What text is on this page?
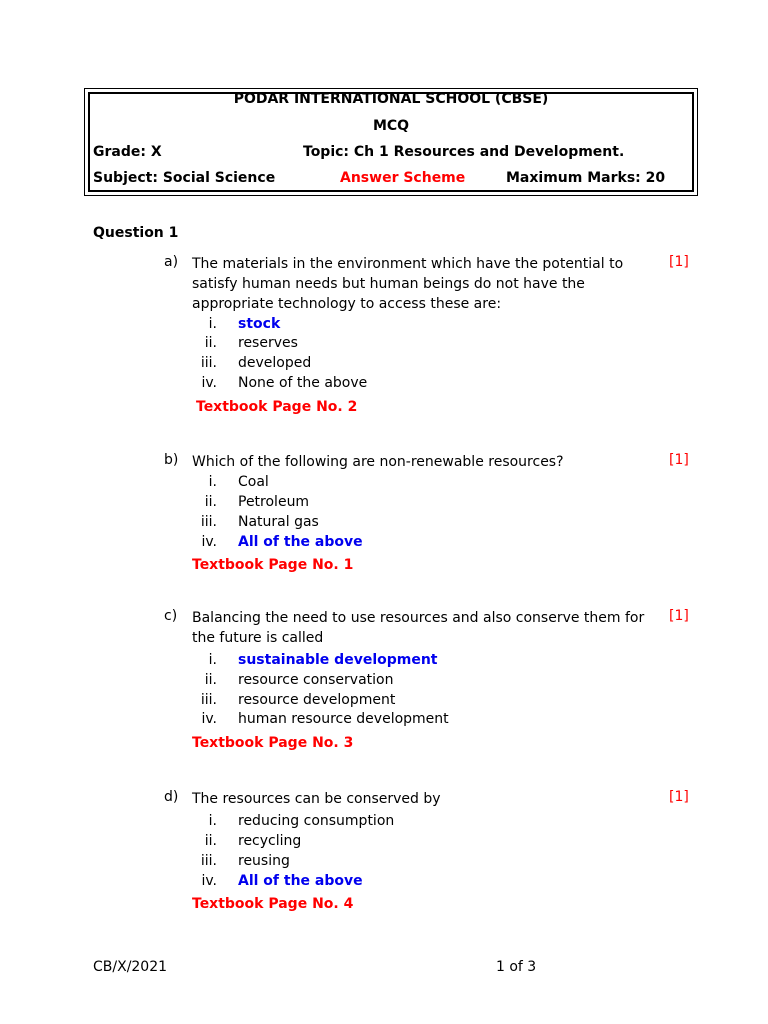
PODAR INTERNATIONAL SCHOOL (CBSE)
MCQ
Grade: X	Topic: Ch 1 Resources and Development.
Subject: Social Science	Answer Scheme	Maximum Marks: 20
Question 1
a) The materials in the environment which have the potential to satisfy human needs but human beings do not have the appropriate technology to access these are:
[1]
i. stock
ii. reserves
iii. developed
iv. None of the above
Textbook Page No. 2
b) Which of the following are non-renewable resources?	[1]
i. Coal
ii. Petroleum
iii. Natural gas
iv. All of the above
Textbook Page No. 1
c) Balancing the need to use resources and also conserve them for the future is called
[1]
i. sustainable development
ii. resource conservation
iii. resource development
iv. human resource development
Textbook Page No. 3
d) The resources can be conserved by	[1]
i. reducing consumption
ii. recycling
iii. reusing
iv. All of the above
Textbook Page No. 4
CB/X/2021	1 of 3
